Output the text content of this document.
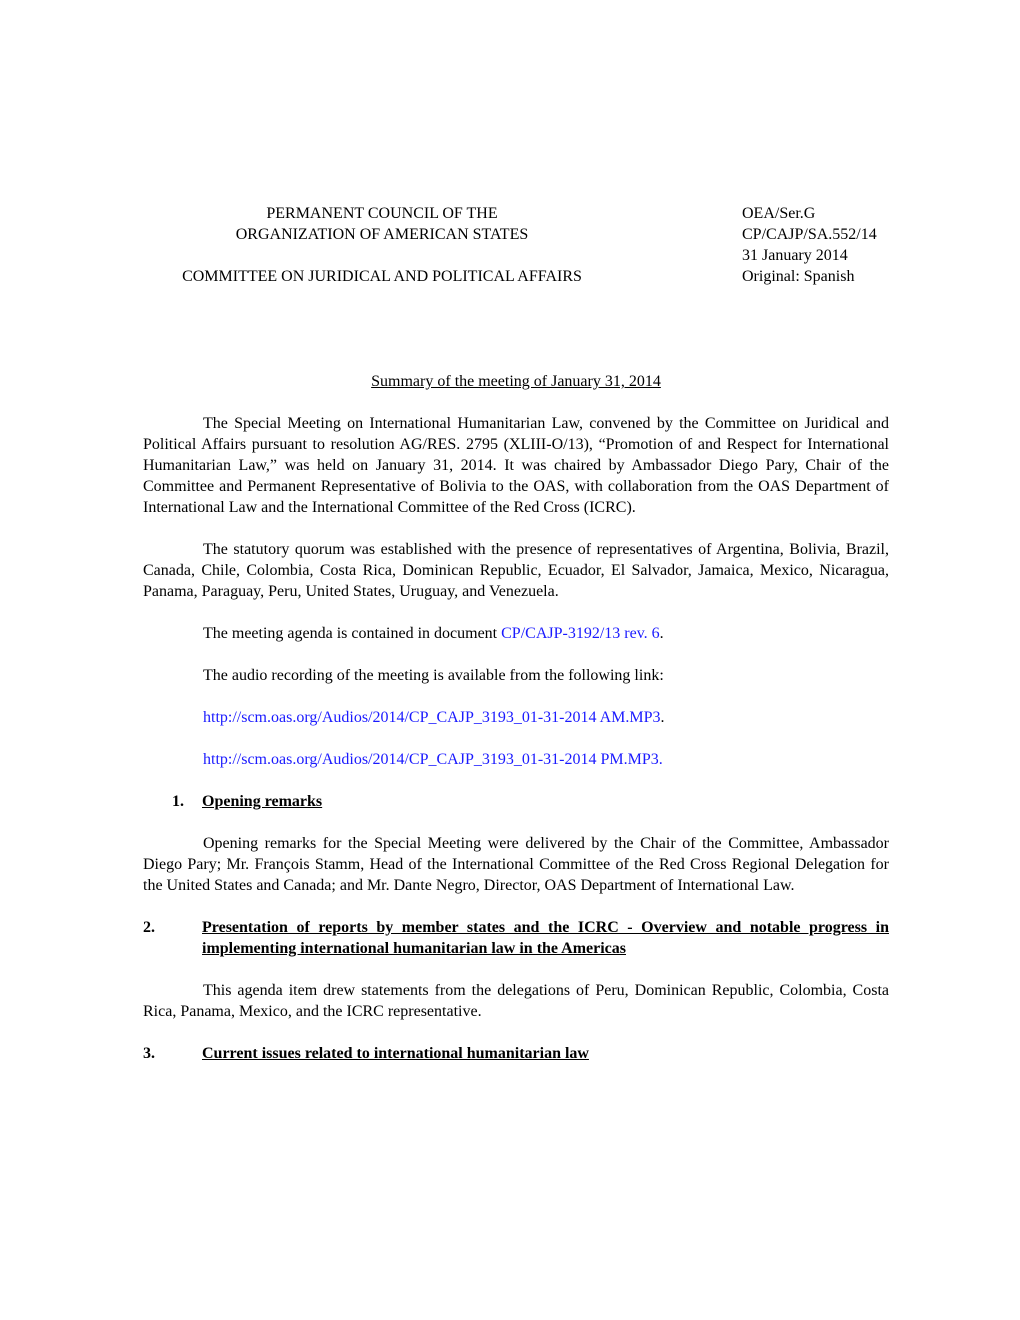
PERMANENT COUNCIL OF THE
ORGANIZATION OF AMERICAN STATES
COMMITTEE ON JURIDICAL AND POLITICAL AFFAIRS
OEA/Ser.G
CP/CAJP/SA.552/14
31 January 2014
Original: Spanish
Summary of the meeting of January 31, 2014
The Special Meeting on International Humanitarian Law, convened by the Committee on Juridical and Political Affairs pursuant to resolution AG/RES. 2795 (XLIII-O/13), “Promotion of and Respect for International Humanitarian Law,” was held on January 31, 2014. It was chaired by Ambassador Diego Pary, Chair of the Committee and Permanent Representative of Bolivia to the OAS, with collaboration from the OAS Department of International Law and the International Committee of the Red Cross (ICRC).
The statutory quorum was established with the presence of representatives of Argentina, Bolivia, Brazil, Canada, Chile, Colombia, Costa Rica, Dominican Republic, Ecuador, El Salvador, Jamaica, Mexico, Nicaragua, Panama, Paraguay, Peru, United States, Uruguay, and Venezuela.
The meeting agenda is contained in document CP/CAJP-3192/13 rev. 6.
The audio recording of the meeting is available from the following link:
http://scm.oas.org/Audios/2014/CP_CAJP_3193_01-31-2014 AM.MP3.
http://scm.oas.org/Audios/2014/CP_CAJP_3193_01-31-2014 PM.MP3.
1.	Opening remarks
Opening remarks for the Special Meeting were delivered by the Chair of the Committee, Ambassador Diego Pary; Mr. François Stamm, Head of the International Committee of the Red Cross Regional Delegation for the United States and Canada; and Mr. Dante Negro, Director, OAS Department of International Law.
2.	Presentation of reports by member states and the ICRC - Overview and notable progress in implementing international humanitarian law in the Americas
This agenda item drew statements from the delegations of Peru, Dominican Republic, Colombia, Costa Rica, Panama, Mexico, and the ICRC representative.
3.	Current issues related to international humanitarian law
